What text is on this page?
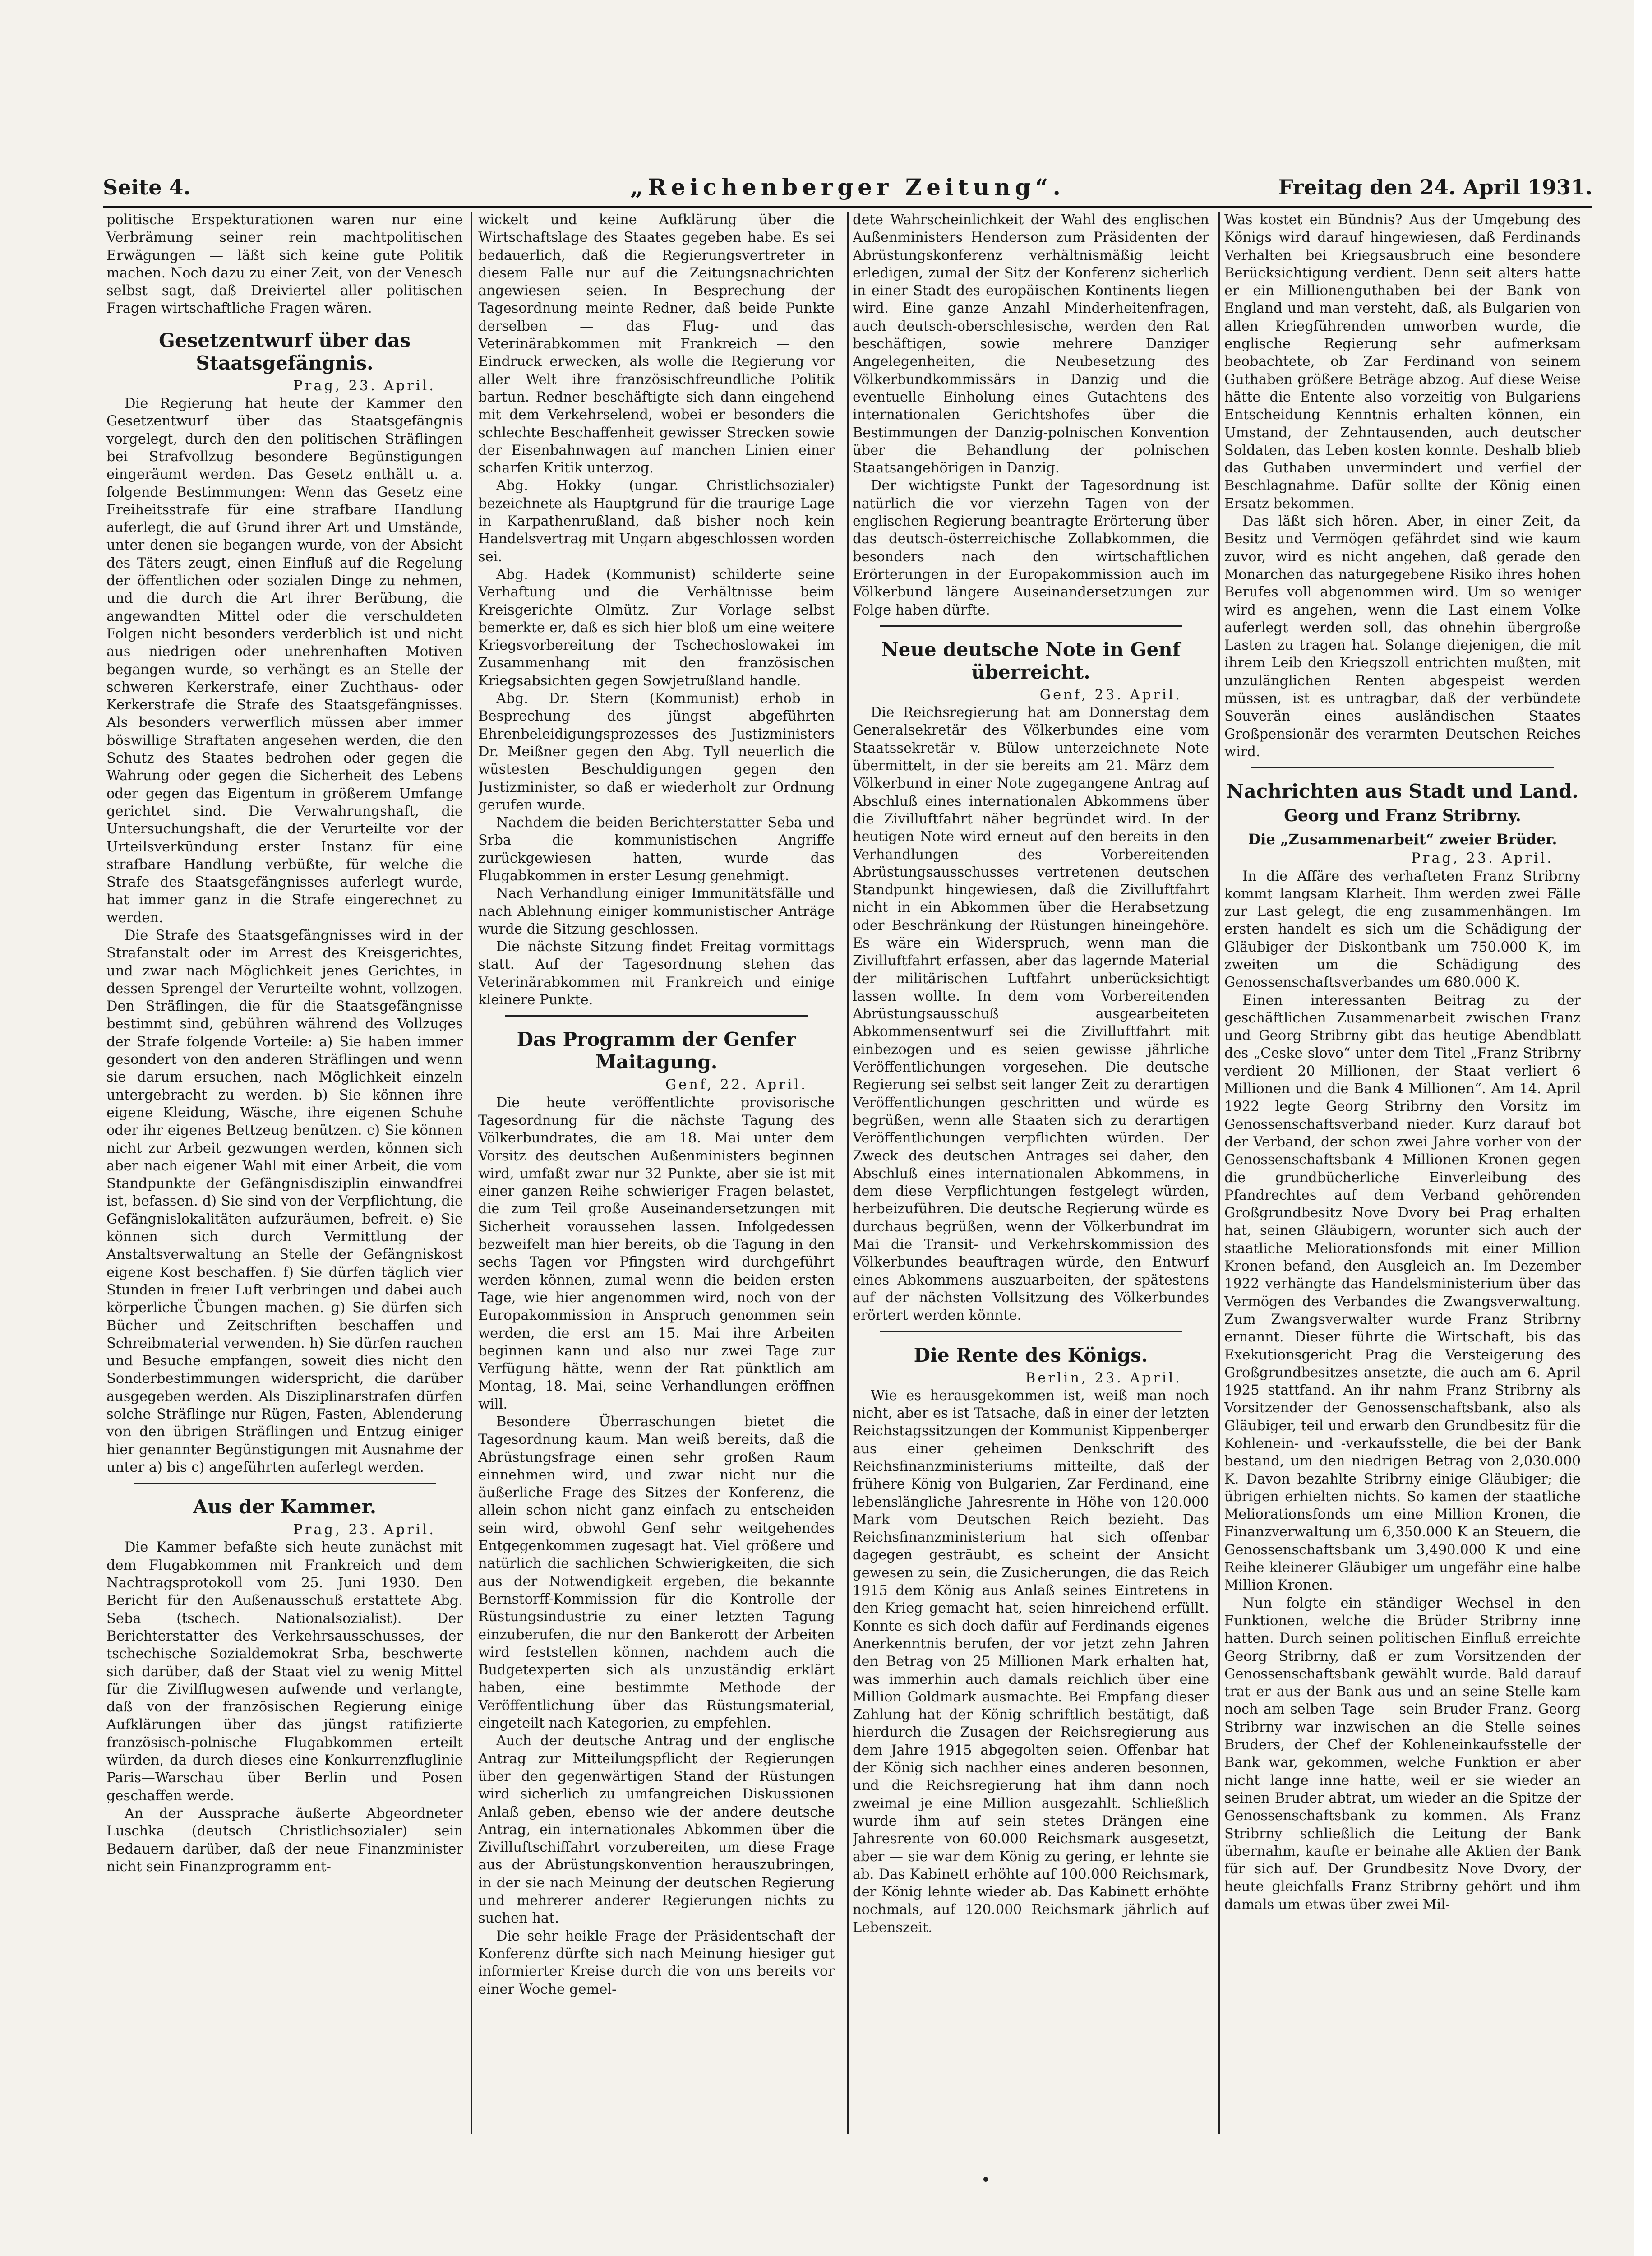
„Reichenberger Zeitung“.
Seite 4.	Freitag den 24. April 1931.

politische Erspekturationen waren nur eine Verbrämung seiner rein machtpolitischen Erwägungen — läßt sich keine gute Politik machen. Noch dazu zu einer Zeit, von der Venesch selbst sagt, daß Dreiviertel aller politischen Fragen wirtschaftliche Fragen wären.

Gesetzentwurf über das Staatsgefängnis.

Prag, 23. April.

Die Regierung hat heute der Kammer den Gesetzentwurf über das Staatsgefängnis vorgelegt, durch den den politischen Sträflingen bei Strafvollzug besondere Begünstigungen eingeräumt werden. Das Gesetz enthält u. a. folgende Bestimmungen: Wenn das Gesetz eine Freiheitsstrafe für eine strafbare Handlung auferlegt, die auf Grund ihrer Art und Umstände, unter denen sie begangen wurde, von der Absicht des Täters zeugt, einen Einfluß auf die Regelung der öffentlichen oder sozialen Dinge zu nehmen, und die durch die Art ihrer Berübung, die angewandten Mittel oder die verschuldeten Folgen nicht besonders verderblich ist und nicht aus niedrigen oder unehrenhaften Motiven begangen wurde, so verhängt es an Stelle der schweren Kerkerstrafe, einer Zuchthaus- oder Kerkerstrafe die Strafe des Staatsgefängnisses. Als besonders verwerflich müssen aber immer böswillige Straftaten angesehen werden, die den Schutz des Staates bedrohen oder gegen die Wahrung oder gegen die Sicherheit des Lebens oder gegen das Eigentum in größerem Umfange gerichtet sind. Die Verwahrungshaft, die Untersuchungshaft, die der Verurteilte vor der Urteilsverkündung erster Instanz für eine strafbare Handlung verbüßte, für welche die Strafe des Staatsgefängnisses auferlegt wurde, hat immer ganz in die Strafe eingerechnet zu werden.

Die Strafe des Staatsgefängnisses wird in der Strafanstalt oder im Arrest des Kreisgerichtes, und zwar nach Möglichkeit jenes Gerichtes, in dessen Sprengel der Verurteilte wohnt, vollzogen. Den Sträflingen, die für die Staatsgefängnisse bestimmt sind, gebühren während des Vollzuges der Strafe folgende Vorteile: a) Sie haben immer gesondert von den anderen Sträflingen und wenn sie darum ersuchen, nach Möglichkeit einzeln untergebracht zu werden. b) Sie können ihre eigene Kleidung, Wäsche, ihre eigenen Schuhe oder ihr eigenes Bettzeug benützen. c) Sie können nicht zur Arbeit gezwungen werden, können sich aber nach eigener Wahl mit einer Arbeit, die vom Standpunkte der Gefängnisdisziplin einwandfrei ist, befassen. d) Sie sind von der Verpflichtung, die Gefängnislokalitäten aufzuräumen, befreit. e) Sie können sich durch Vermittlung der Anstaltsverwaltung an Stelle der Gefängniskost eigene Kost beschaffen. f) Sie dürfen täglich vier Stunden in freier Luft verbringen und dabei auch körperliche Übungen machen. g) Sie dürfen sich Bücher und Zeitschriften beschaffen und Schreibmaterial verwenden. h) Sie dürfen rauchen und Besuche empfangen, soweit dies nicht den Sonderbestimmungen widerspricht, die darüber ausgegeben werden. Als Disziplinarstrafen dürfen solche Sträflinge nur Rügen, Fasten, Ablenderung von den übrigen Sträflingen und Entzug einiger hier genannter Begünstigungen mit Ausnahme der unter a) bis c) angeführten auferlegt werden.

Aus der Kammer.

Prag, 23. April.

Die Kammer befaßte sich heute zunächst mit dem Flugabkommen mit Frankreich und dem Nachtragsprotokoll vom 25. Juni 1930. Den Bericht für den Außenausschuß erstattete Abg. Seba (tschech. Nationalsozialist). Der Berichterstatter des Verkehrsausschusses, der tschechische Sozialdemokrat Srba, beschwerte sich darüber, daß der Staat viel zu wenig Mittel für die Zivilflugwesen aufwende und verlangte, daß von der französischen Regierung einige Aufklärungen über das jüngst ratifizierte französisch-polnische Flugabkommen erteilt würden, da durch dieses eine Konkurrenzfluglinie Paris—Warschau über Berlin und Posen geschaffen werde.

An der Aussprache äußerte Abgeordneter Luschka (deutsch Christlichsozialer) sein Bedauern darüber, daß der neue Finanzminister nicht sein Finanzprogramm ent-

wickelt und keine Aufklärung über die Wirtschaftslage des Staates gegeben habe. Es sei bedauerlich, daß die Regierungsvertreter in diesem Falle nur auf die Zeitungsnachrichten angewiesen seien. In Besprechung der Tagesordnung meinte Redner, daß beide Punkte derselben — das Flug- und das Veterinärabkommen mit Frankreich — den Eindruck erwecken, als wolle die Regierung vor aller Welt ihre französischfreundliche Politik bartun. Redner beschäftigte sich dann eingehend mit dem Verkehrselend, wobei er besonders die schlechte Beschaffenheit gewisser Strecken sowie der Eisenbahnwagen auf manchen Linien einer scharfen Kritik unterzog.

Abg. Hokky (ungar. Christlichsozialer) bezeichnete als Hauptgrund für die traurige Lage in Karpathenrußland, daß bisher noch kein Handelsvertrag mit Ungarn abgeschlossen worden sei.

Abg. Hadek (Kommunist) schilderte seine Verhaftung und die Verhältnisse beim Kreisgerichte Olmütz. Zur Vorlage selbst bemerkte er, daß es sich hier bloß um eine weitere Kriegsvorbereitung der Tschechoslowakei im Zusammenhang mit den französischen Kriegsabsichten gegen Sowjetrußland handle.

Abg. Dr. Stern (Kommunist) erhob in Besprechung des jüngst abgeführten Ehrenbeleidigungsprozesses des Justizministers Dr. Meißner gegen den Abg. Tyll neuerlich die wüstesten Beschuldigungen gegen den Justizminister, so daß er wiederholt zur Ordnung gerufen wurde.

Nachdem die beiden Berichterstatter Seba und Srba die kommunistischen Angriffe zurückgewiesen hatten, wurde das Flugabkommen in erster Lesung genehmigt.

Nach Verhandlung einiger Immunitätsfälle und nach Ablehnung einiger kommunistischer Anträge wurde die Sitzung geschlossen.

Die nächste Sitzung findet Freitag vormittags statt. Auf der Tagesordnung stehen das Veterinärabkommen mit Frankreich und einige kleinere Punkte.

Das Programm der Genfer Maitagung.

Genf, 22. April.

Die heute veröffentlichte provisorische Tagesordnung für die nächste Tagung des Völkerbundrates, die am 18. Mai unter dem Vorsitz des deutschen Außenministers beginnen wird, umfaßt zwar nur 32 Punkte, aber sie ist mit einer ganzen Reihe schwieriger Fragen belastet, die zum Teil große Auseinandersetzungen mit Sicherheit voraussehen lassen. Infolgedessen bezweifelt man hier bereits, ob die Tagung in den sechs Tagen vor Pfingsten wird durchgeführt werden können, zumal wenn die beiden ersten Tage, wie hier angenommen wird, noch von der Europakommission in Anspruch genommen sein werden, die erst am 15. Mai ihre Arbeiten beginnen kann und also nur zwei Tage zur Verfügung hätte, wenn der Rat pünktlich am Montag, 18. Mai, seine Verhandlungen eröffnen will.

Besondere Überraschungen bietet die Tagesordnung kaum. Man weiß bereits, daß die Abrüstungsfrage einen sehr großen Raum einnehmen wird, und zwar nicht nur die äußerliche Frage des Sitzes der Konferenz, die allein schon nicht ganz einfach zu entscheiden sein wird, obwohl Genf sehr weitgehendes Entgegenkommen zugesagt hat. Viel größere und natürlich die sachlichen Schwierigkeiten, die sich aus der Notwendigkeit ergeben, die bekannte Bernstorff-Kommission für die Kontrolle der Rüstungsindustrie zu einer letzten Tagung einzuberufen, die nur den Bankerott der Arbeiten wird feststellen können, nachdem auch die Budgetexperten sich als unzuständig erklärt haben, eine bestimmte Methode der Veröffentlichung über das Rüstungsmaterial, eingeteilt nach Kategorien, zu empfehlen.

Auch der deutsche Antrag und der englische Antrag zur Mitteilungspflicht der Regierungen über den gegenwärtigen Stand der Rüstungen wird sicherlich zu umfangreichen Diskussionen Anlaß geben, ebenso wie der andere deutsche Antrag, ein internationales Abkommen über die Zivilluftschiffahrt vorzubereiten, um diese Frage aus der Abrüstungskonvention herauszubringen, in der sie nach Meinung der deutschen Regierung und mehrerer anderer Regierungen nichts zu suchen hat.

Die sehr heikle Frage der Präsidentschaft der Konferenz dürfte sich nach Meinung hiesiger gut informierter Kreise durch die von uns bereits vor einer Woche gemel-

dete Wahrscheinlichkeit der Wahl des englischen Außenministers Henderson zum Präsidenten der Abrüstungskonferenz verhältnismäßig leicht erledigen, zumal der Sitz der Konferenz sicherlich in einer Stadt des europäischen Kontinents liegen wird. Eine ganze Anzahl Minderheitenfragen, auch deutsch-oberschlesische, werden den Rat beschäftigen, sowie mehrere Danziger Angelegenheiten, die Neubesetzung des Völkerbundkommissärs in Danzig und die eventuelle Einholung eines Gutachtens des internationalen Gerichtshofes über die Bestimmungen der Danzig-polnischen Konvention über die Behandlung der polnischen Staatsangehörigen in Danzig.

Der wichtigste Punkt der Tagesordnung ist natürlich die vor vierzehn Tagen von der englischen Regierung beantragte Erörterung über das deutsch-österreichische Zollabkommen, die besonders nach den wirtschaftlichen Erörterungen in der Europakommission auch im Völkerbund längere Auseinandersetzungen zur Folge haben dürfte.

Neue deutsche Note in Genf überreicht.

Genf, 23. April.

Die Reichsregierung hat am Donnerstag dem Generalsekretär des Völkerbundes eine vom Staatssekretär v. Bülow unterzeichnete Note übermittelt, in der sie bereits am 21. März dem Völkerbund in einer Note zugegangene Antrag auf Abschluß eines internationalen Abkommens über die Zivilluftfahrt näher begründet wird. In der heutigen Note wird erneut auf den bereits in den Verhandlungen des Vorbereitenden Abrüstungsausschusses vertretenen deutschen Standpunkt hingewiesen, daß die Zivilluftfahrt nicht in ein Abkommen über die Herabsetzung oder Beschränkung der Rüstungen hineingehöre. Es wäre ein Widerspruch, wenn man die Zivilluftfahrt erfassen, aber das lagernde Material der militärischen Luftfahrt unberücksichtigt lassen wollte. In dem vom Vorbereitenden Abrüstungsausschuß ausgearbeiteten Abkommensentwurf sei die Zivilluftfahrt mit einbezogen und es seien gewisse jährliche Veröffentlichungen vorgesehen. Die deutsche Regierung sei selbst seit langer Zeit zu derartigen Veröffentlichungen geschritten und würde es begrüßen, wenn alle Staaten sich zu derartigen Veröffentlichungen verpflichten würden. Der Zweck des deutschen Antrages sei daher, den Abschluß eines internationalen Abkommens, in dem diese Verpflichtungen festgelegt würden, herbeizuführen. Die deutsche Regierung würde es durchaus begrüßen, wenn der Völkerbundrat im Mai die Transit- und Verkehrskommission des Völkerbundes beauftragen würde, den Entwurf eines Abkommens auszuarbeiten, der spätestens auf der nächsten Vollsitzung des Völkerbundes erörtert werden könnte.

Die Rente des Königs.

Berlin, 23. April.

Wie es herausgekommen ist, weiß man noch nicht, aber es ist Tatsache, daß in einer der letzten Reichstagssitzungen der Kommunist Kippenberger aus einer geheimen Denkschrift des Reichsfinanzministeriums mitteilte, daß der frühere König von Bulgarien, Zar Ferdinand, eine lebenslängliche Jahresrente in Höhe von 120.000 Mark vom Deutschen Reich bezieht. Das Reichsfinanzministerium hat sich offenbar dagegen gesträubt, es scheint der Ansicht gewesen zu sein, die Zusicherungen, die das Reich 1915 dem König aus Anlaß seines Eintretens in den Krieg gemacht hat, seien hinreichend erfüllt. Konnte es sich doch dafür auf Ferdinands eigenes Anerkenntnis berufen, der vor jetzt zehn Jahren den Betrag von 25 Millionen Mark erhalten hat, was immerhin auch damals reichlich über eine Million Goldmark ausmachte. Bei Empfang dieser Zahlung hat der König schriftlich bestätigt, daß hierdurch die Zusagen der Reichsregierung aus dem Jahre 1915 abgegolten seien. Offenbar hat der König sich nachher eines anderen besonnen, und die Reichsregierung hat ihm dann noch zweimal je eine Million ausgezahlt. Schließlich wurde ihm auf sein stetes Drängen eine Jahresrente von 60.000 Reichsmark ausgesetzt, aber — sie war dem König zu gering, er lehnte sie ab. Das Kabinett erhöhte auf 100.000 Reichsmark, der König lehnte wieder ab. Das Kabinett erhöhte nochmals, auf 120.000 Reichsmark jährlich auf Lebenszeit.

Was kostet ein Bündnis? Aus der Umgebung des Königs wird darauf hingewiesen, daß Ferdinands Verhalten bei Kriegsausbruch eine besondere Berücksichtigung verdient. Denn seit alters hatte er ein Millionenguthaben bei der Bank von England und man versteht, daß, als Bulgarien von allen Kriegführenden umworben wurde, die englische Regierung sehr aufmerksam beobachtete, ob Zar Ferdinand von seinem Guthaben größere Beträge abzog. Auf diese Weise hätte die Entente also vorzeitig von Bulgariens Entscheidung Kenntnis erhalten können, ein Umstand, der Zehntausenden, auch deutscher Soldaten, das Leben kosten konnte. Deshalb blieb das Guthaben unvermindert und verfiel der Beschlagnahme. Dafür sollte der König einen Ersatz bekommen.

Das läßt sich hören. Aber, in einer Zeit, da Besitz und Vermögen gefährdet sind wie kaum zuvor, wird es nicht angehen, daß gerade den Monarchen das naturgegebene Risiko ihres hohen Berufes voll abgenommen wird. Um so weniger wird es angehen, wenn die Last einem Volke auferlegt werden soll, das ohnehin übergroße Lasten zu tragen hat. Solange diejenigen, die mit ihrem Leib den Kriegszoll entrichten mußten, mit unzulänglichen Renten abgespeist werden müssen, ist es untragbar, daß der verbündete Souverän eines ausländischen Staates Großpensionär des verarmten Deutschen Reiches wird.

Nachrichten aus Stadt und Land.
Georg und Franz Stribrny.
Die „Zusammenarbeit“ zweier Brüder.

Prag, 23. April.

In die Affäre des verhafteten Franz Stribrny kommt langsam Klarheit. Ihm werden zwei Fälle zur Last gelegt, die eng zusammenhängen. Im ersten handelt es sich um die Schädigung der Gläubiger der Diskontbank um 750.000 K, im zweiten um die Schädigung des Genossenschaftsverbandes um 680.000 K.

Einen interessanten Beitrag zu der geschäftlichen Zusammenarbeit zwischen Franz und Georg Stribrny gibt das heutige Abendblatt des „Ceske slovo“ unter dem Titel „Franz Stribrny verdient 20 Millionen, der Staat verliert 6 Millionen und die Bank 4 Millionen“. Am 14. April 1922 legte Georg Stribrny den Vorsitz im Genossenschaftsverband nieder. Kurz darauf bot der Verband, der schon zwei Jahre vorher von der Genossenschaftsbank 4 Millionen Kronen gegen die grundbücherliche Einverleibung des Pfandrechtes auf dem Verband gehörenden Großgrundbesitz Nove Dvory bei Prag erhalten hat, seinen Gläubigern, worunter sich auch der staatliche Meliorationsfonds mit einer Million Kronen befand, den Ausgleich an. Im Dezember 1922 verhängte das Handelsministerium über das Vermögen des Verbandes die Zwangsverwaltung. Zum Zwangsverwalter wurde Franz Stribrny ernannt. Dieser führte die Wirtschaft, bis das Exekutionsgericht Prag die Versteigerung des Großgrundbesitzes ansetzte, die auch am 6. April 1925 stattfand. An ihr nahm Franz Stribrny als Vorsitzender der Genossenschaftsbank, also als Gläubiger, teil und erwarb den Grundbesitz für die Kohlenein- und -verkaufsstelle, die bei der Bank bestand, um den niedrigen Betrag von 2,030.000 K. Davon bezahlte Stribrny einige Gläubiger; die übrigen erhielten nichts. So kamen der staatliche Meliorationsfonds um eine Million Kronen, die Finanzverwaltung um 6,350.000 K an Steuern, die Genossenschaftsbank um 3,490.000 K und eine Reihe kleinerer Gläubiger um ungefähr eine halbe Million Kronen.

Nun folgte ein ständiger Wechsel in den Funktionen, welche die Brüder Stribrny inne hatten. Durch seinen politischen Einfluß erreichte Georg Stribrny, daß er zum Vorsitzenden der Genossenschaftsbank gewählt wurde. Bald darauf trat er aus der Bank aus und an seine Stelle kam noch am selben Tage — sein Bruder Franz. Georg Stribrny war inzwischen an die Stelle seines Bruders, der Chef der Kohleneinkaufsstelle der Bank war, gekommen, welche Funktion er aber nicht lange inne hatte, weil er sie wieder an seinen Bruder abtrat, um wieder an die Spitze der Genossenschaftsbank zu kommen. Als Franz Stribrny schließlich die Leitung der Bank übernahm, kaufte er beinahe alle Aktien der Bank für sich auf. Der Grundbesitz Nove Dvory, der heute gleichfalls Franz Stribrny gehört und ihm damals um etwas über zwei Mil-
